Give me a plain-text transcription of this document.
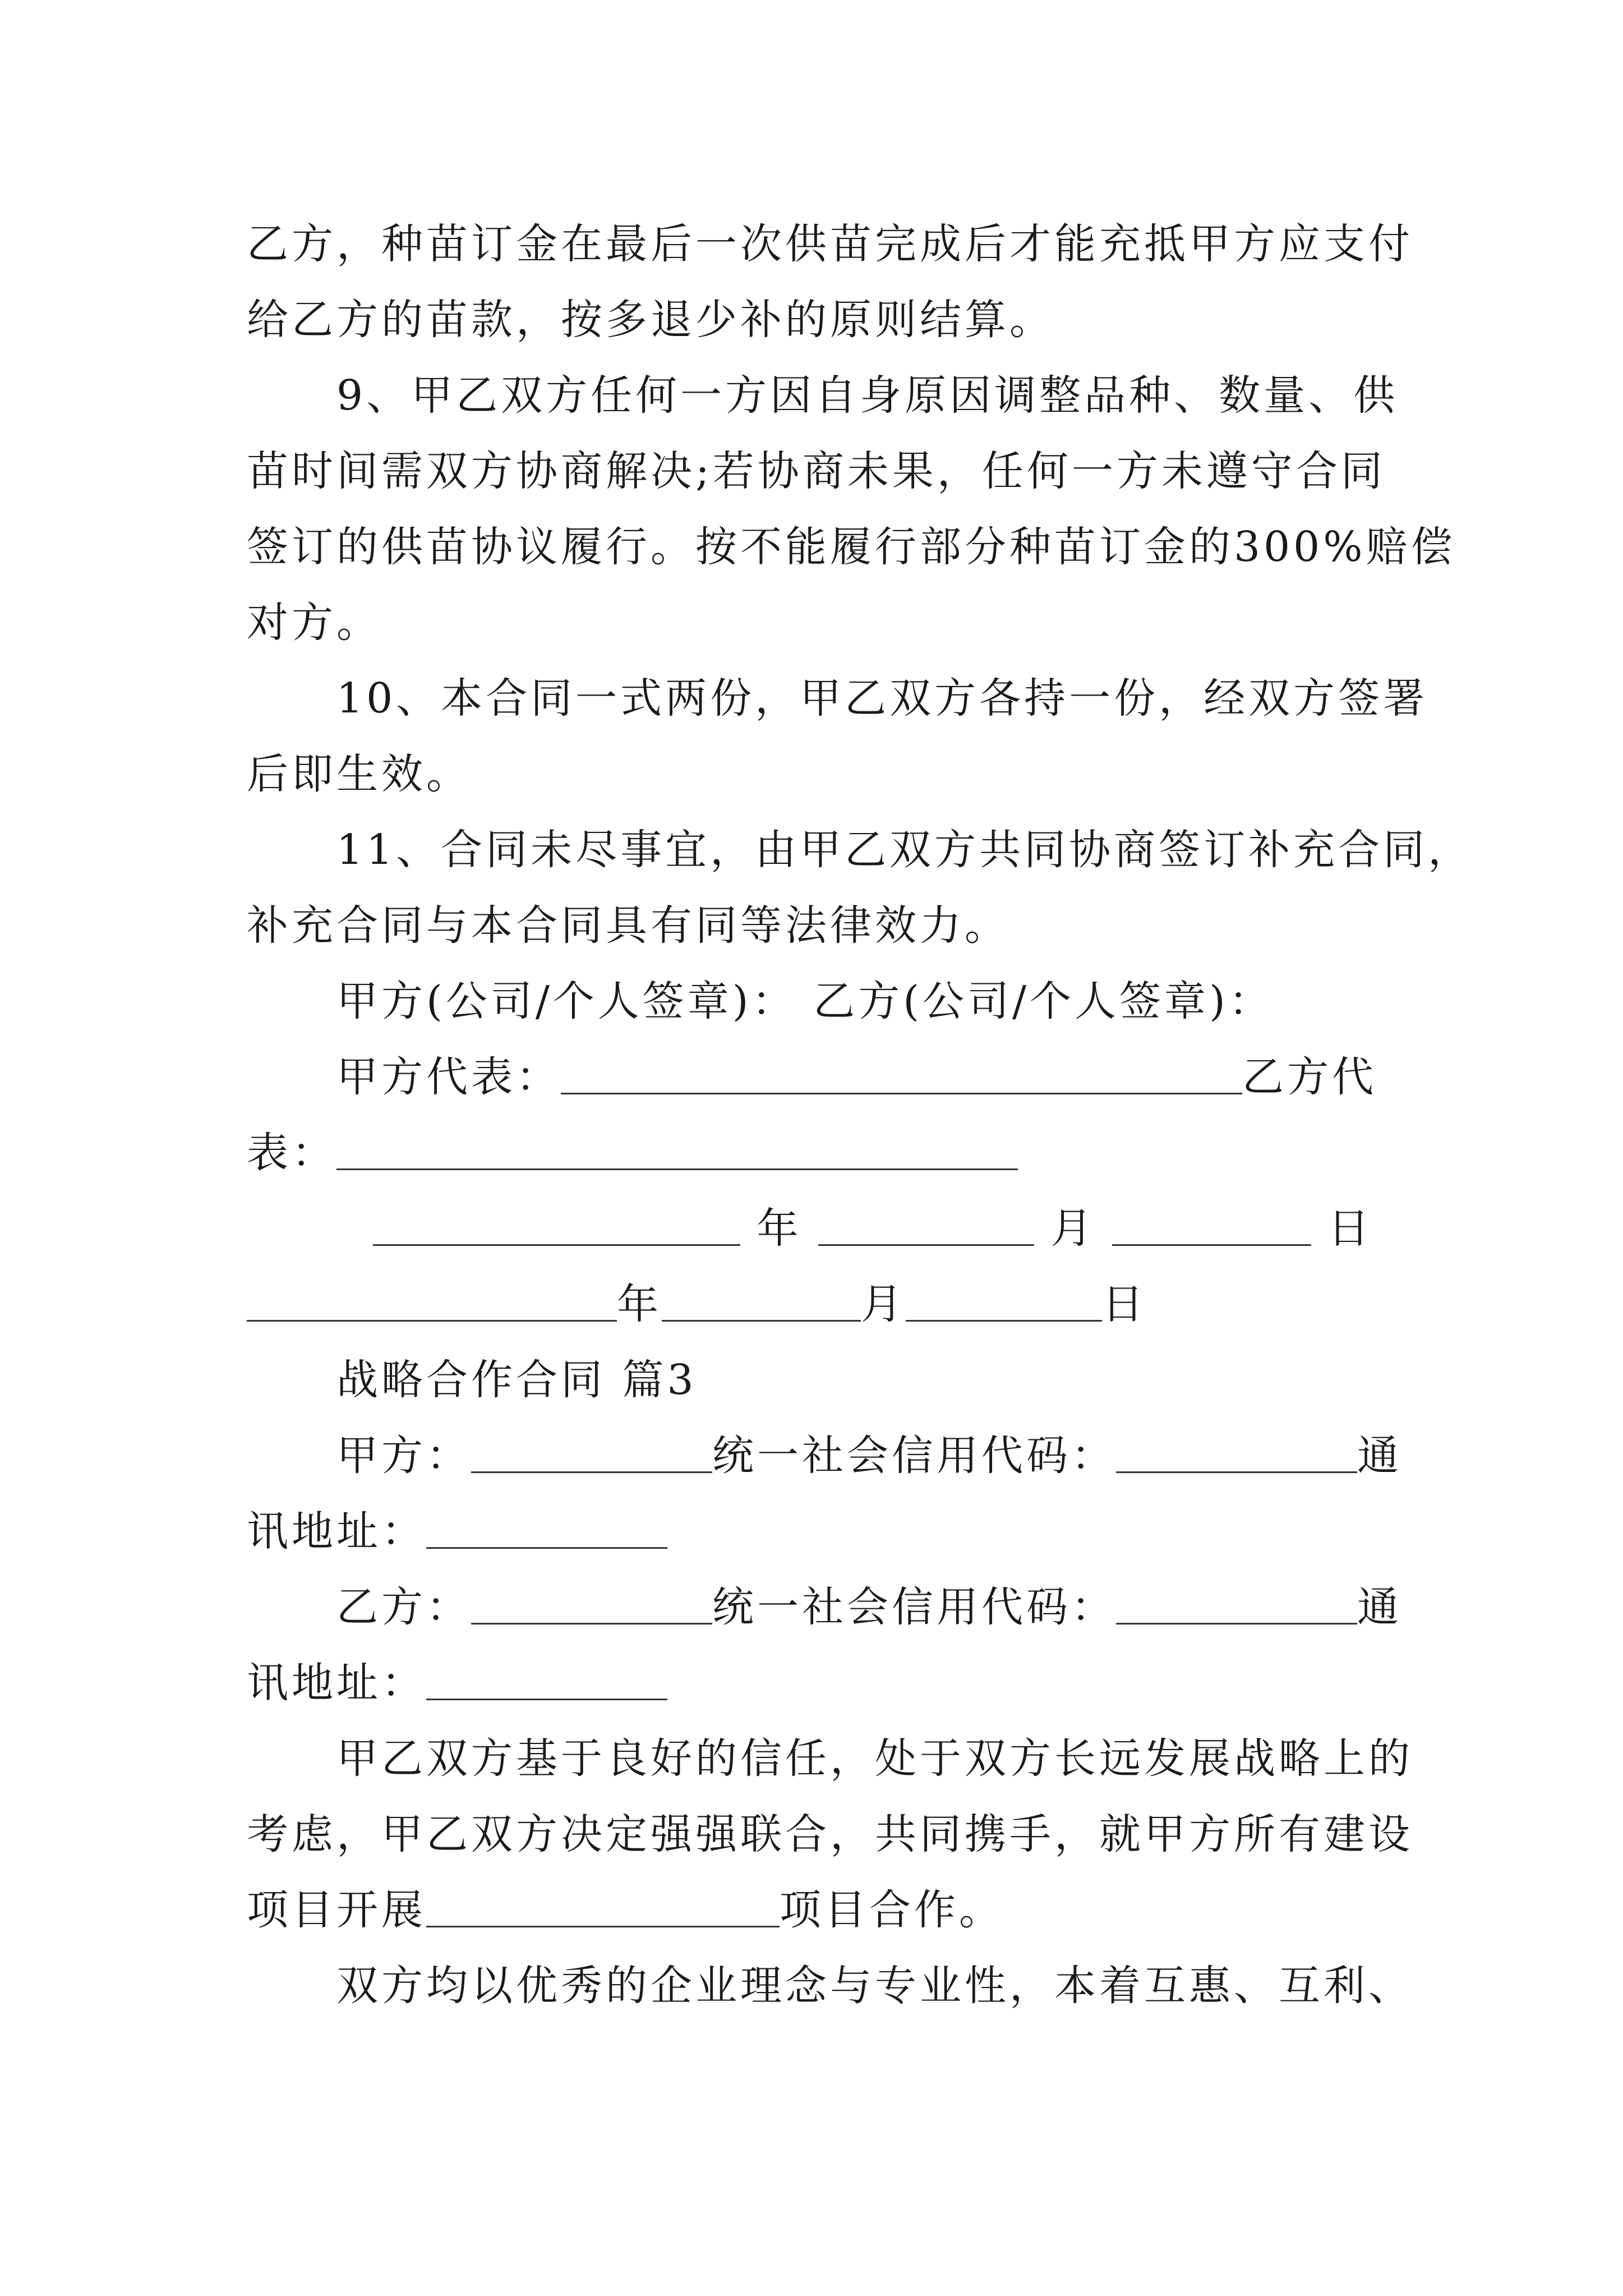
乙方，种苗订金在最后一次供苗完成后才能充抵甲方应支付
给乙方的苗款，按多退少补的原则结算。
9、甲乙双方任何一方因自身原因调整品种、数量、供
苗时间需双方协商解决;若协商未果，任何一方未遵守合同
签订的供苗协议履行。按不能履行部分种苗订金的300%赔偿
对方。
10、本合同一式两份，甲乙双方各持一份，经双方签署
后即生效。
11、合同未尽事宜，由甲乙双方共同协商签订补充合同，
补充合同与本合同具有同等法律效力。
甲方(公司/个人签章)： 乙方(公司/个人签章)：
甲方代表：	乙方代
表：
年	月	日
年	月	日
战略合作合同 篇3
甲方：	统一社会信用代码：	通
讯地址：
乙方：	统一社会信用代码：	通
讯地址：
甲乙双方基于良好的信任，处于双方长远发展战略上的
考虑，甲乙双方决定强强联合，共同携手，就甲方所有建设
项目开展	项目合作。
双方均以优秀的企业理念与专业性，本着互惠、互利、
